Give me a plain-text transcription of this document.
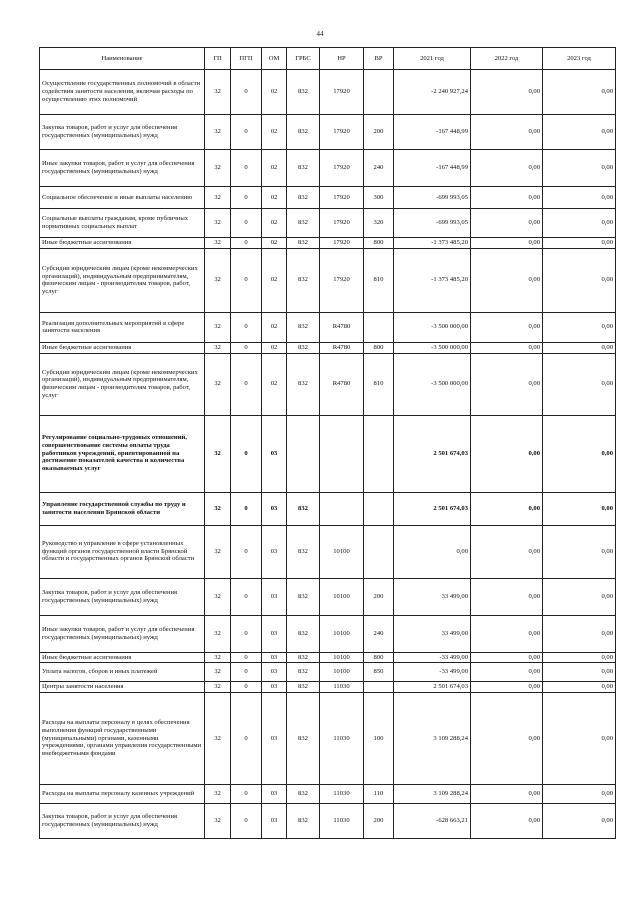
44
Наименование	ГП	ПГП	ОМ	ГРБС	НР	ВР	2021 год	2022 год	2023 год
Осуществление государственных полномочий в области содействия занятости населения, включая расходы по осуществлению этих полномочий	32	0	02	832	17920		-2 240 927,24	0,00	0,00
Закупка товаров, работ и услуг для обеспечения государственных (муниципальных) нужд	32	0	02	832	17920	200	-167 448,99	0,00	0,00
Иные закупки товаров, работ и услуг для обеспечения государственных (муниципальных) нужд	32	0	02	832	17920	240	-167 448,99	0,00	0,00
Социальное обеспечение и иные выплаты населению	32	0	02	832	17920	300	-699 993,05	0,00	0,00
Социальные выплаты гражданам, кроме публичных нормативных социальных выплат	32	0	02	832	17920	320	-699 993,05	0,00	0,00
Иные бюджетные ассигнования	32	0	02	832	17920	800	-1 373 485,20	0,00	0,00
Субсидии юридическим лицам (кроме некоммерческих организаций), индивидуальным предпринимателям, физическим лицам - производителям товаров, работ, услуг	32	0	02	832	17920	810	-1 373 485,20	0,00	0,00
Реализация дополнительных мероприятий в сфере занятости населения	32	0	02	832	R4780		-3 500 000,00	0,00	0,00
Иные бюджетные ассигнования	32	0	02	832	R4780	800	-3 500 000,00	0,00	0,00
Субсидии юридическим лицам (кроме некоммерческих организаций), индивидуальным предпринимателям, физическим лицам - производителям товаров, работ, услуг	32	0	02	832	R4780	810	-3 500 000,00	0,00	0,00
Регулирование социально-трудовых отношений, совершенствование системы оплаты труда работников учреждений, ориентированной на достижение показателей качества и количества оказываемых услуг	32	0	03				2 501 674,03	0,00	0,00
Управление государственной службы по труду и занятости населения Брянской области	32	0	03	832			2 501 674,03	0,00	0,00
Руководство и управление в сфере установленных функций органов государственной власти Брянской области и государственных органов Брянской области	32	0	03	832	10100		0,00	0,00	0,00
Закупка товаров, работ и услуг для обеспечения государственных (муниципальных) нужд	32	0	03	832	10100	200	33 499,00	0,00	0,00
Иные закупки товаров, работ и услуг для обеспечения государственных (муниципальных) нужд	32	0	03	832	10100	240	33 499,00	0,00	0,00
Иные бюджетные ассигнования	32	0	03	832	10100	800	-33 499,00	0,00	0,00
Уплата налогов, сборов и иных платежей	32	0	03	832	10100	850	-33 499,00	0,00	0,00
Центры занятости населения	32	0	03	832	11030		2 501 674,03	0,00	0,00
Расходы на выплаты персоналу в целях обеспечения выполнения функций государственными (муниципальными) органами, казенными учреждениями, органами управления государственными внебюджетными фондами	32	0	03	832	11030	100	3 109 288,24	0,00	0,00
Расходы на выплаты персоналу казенных учреждений	32	0	03	832	11030	110	3 109 288,24	0,00	0,00
Закупка товаров, работ и услуг для обеспечения государственных (муниципальных) нужд	32	0	03	832	11030	200	-628 663,21	0,00	0,00
